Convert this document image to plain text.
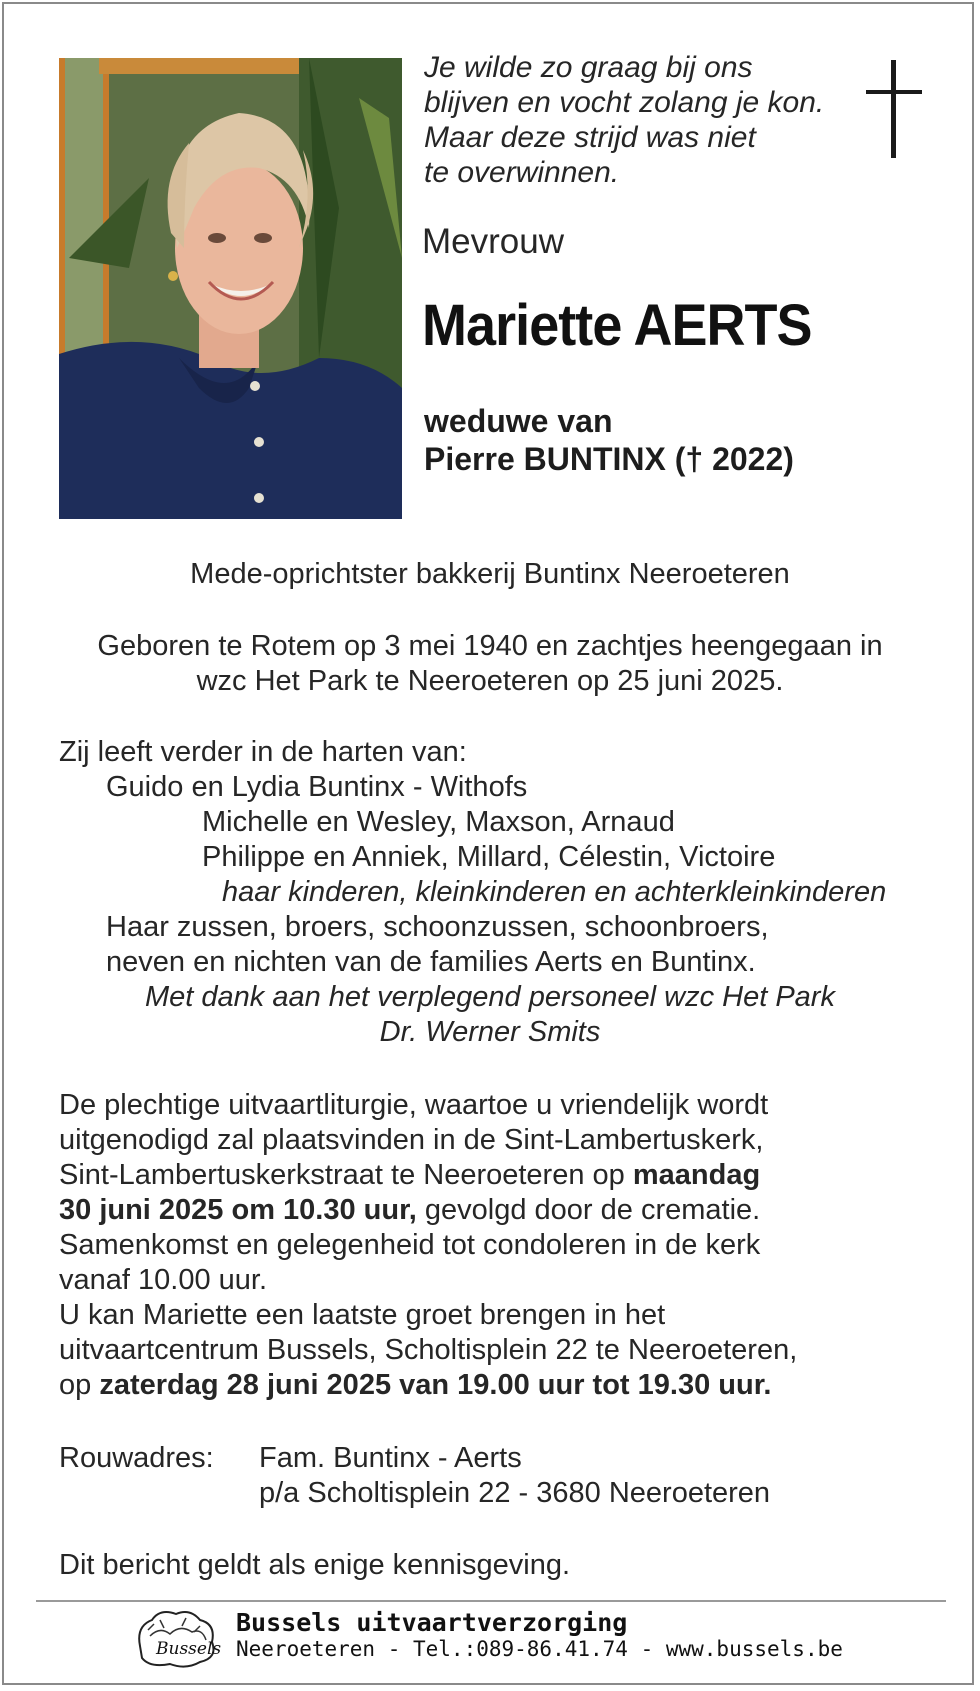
Je wilde zo graag bij ons
blijven en vocht zolang je kon.
Maar deze strijd was niet
te overwinnen.
Mevrouw
Mariette AERTS
weduwe van
Pierre BUNTINX († 2022)
Mede-oprichtster bakkerij Buntinx Neeroeteren
Geboren te Rotem op 3 mei 1940 en zachtjes heengegaan in
wzc Het Park te Neeroeteren op 25 juni 2025.
Zij leeft verder in de harten van:
Guido en Lydia Buntinx - Withofs
Michelle en Wesley, Maxson, Arnaud
Philippe en Anniek, Millard, Célestin, Victoire
haar kinderen, kleinkinderen en achterkleinkinderen
Haar zussen, broers, schoonzussen, schoonbroers,
neven en nichten van de families Aerts en Buntinx.
Met dank aan het verplegend personeel wzc Het Park
Dr. Werner Smits
De plechtige uitvaartliturgie, waartoe u vriendelijk wordt
uitgenodigd zal plaatsvinden in de Sint-Lambertuskerk,
Sint-Lambertuskerkstraat te Neeroeteren op maandag
30 juni 2025 om 10.30 uur, gevolgd door de crematie.
Samenkomst en gelegenheid tot condoleren in de kerk
vanaf 10.00 uur.
U kan Mariette een laatste groet brengen in het
uitvaartcentrum Bussels, Scholtisplein 22 te Neeroeteren,
op zaterdag 28 juni 2025 van 19.00 uur tot 19.30 uur.
Rouwadres: Fam. Buntinx - Aerts
p/a Scholtisplein 22 - 3680 Neeroeteren
Dit bericht geldt als enige kennisgeving.
Bussels
Bussels uitvaartverzorging
Neeroeteren - Tel.:089-86.41.74 - www.bussels.be
